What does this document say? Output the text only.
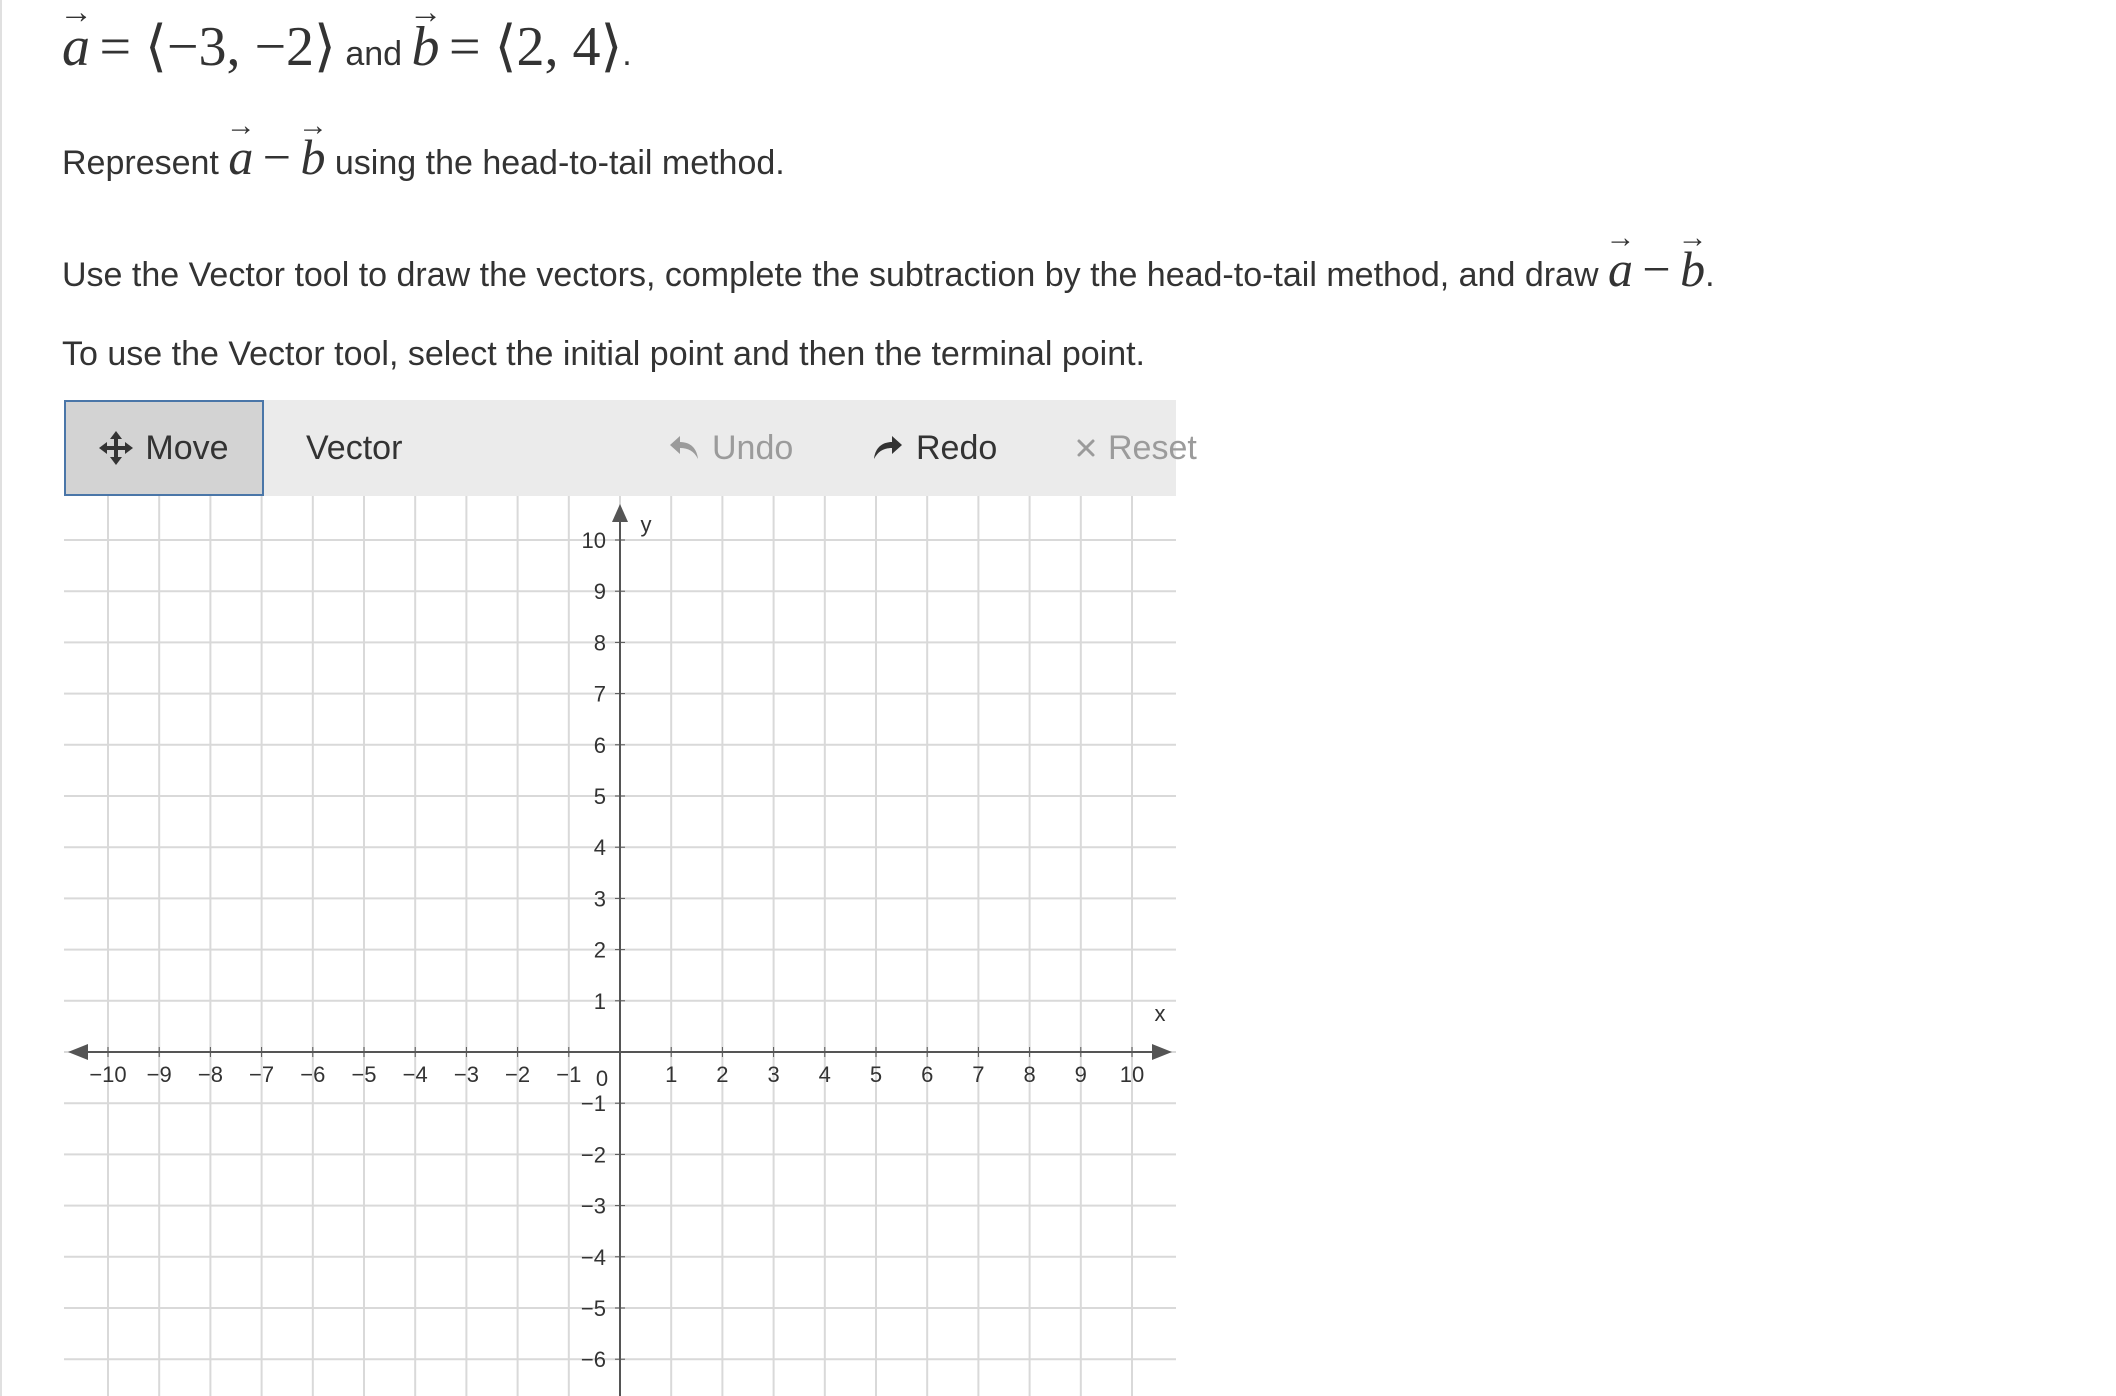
→ a = ⟨−3, −2⟩ and → b = ⟨2, 4⟩.
Represent → a − → b using the head-to-tail method.
Use the Vector tool to draw the vectors, complete the subtraction by the head-to-tail method, and draw → a − → b.
To use the Vector tool, select the initial point and then the terminal point.
Move Vector	Undo	Redo	Reset
x
y
−10 −9 −8 −7 −6 −5 −4 −3 −2 −1	1 2 3 4 5 6 7 8 9 10
10
9
8
7
6
5
4
3
2
1
−1
−2
−3
−4
−5
−6
0
